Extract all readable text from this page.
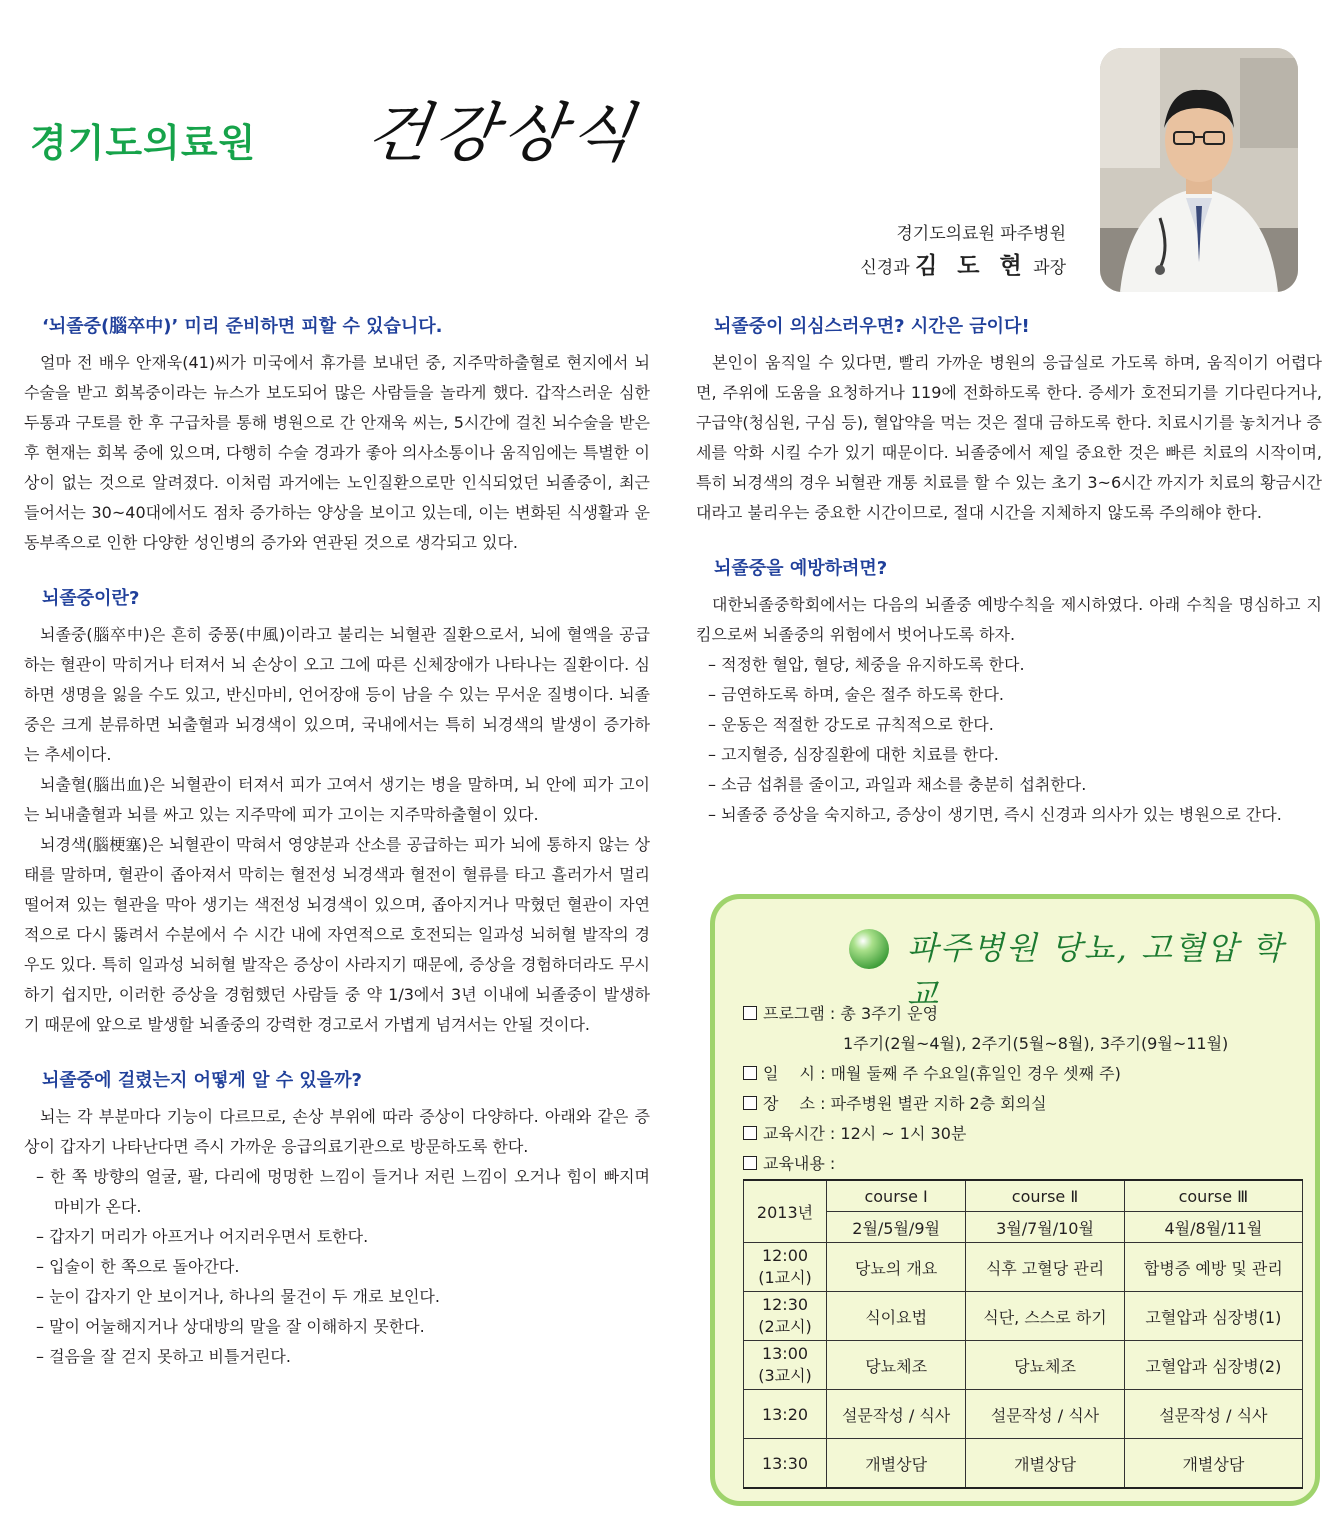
경기도의료원 건강상식
경기도의료원 파주병원
신경과 김 도 현 과장
‘뇌졸중(腦卒中)’ 미리 준비하면 피할 수 있습니다.

얼마 전 배우 안재욱(41)씨가 미국에서 휴가를 보내던 중, 지주막하출혈로 현지에서 뇌수술을 받고 회복중이라는 뉴스가 보도되어 많은 사람들을 놀라게 했다. 갑작스러운 심한 두통과 구토를 한 후 구급차를 통해 병원으로 간 안재욱 씨는, 5시간에 걸친 뇌수술을 받은 후 현재는 회복 중에 있으며, 다행히 수술 경과가 좋아 의사소통이나 움직임에는 특별한 이상이 없는 것으로 알려졌다. 이처럼 과거에는 노인질환으로만 인식되었던 뇌졸중이, 최근 들어서는 30~40대에서도 점차 증가하는 양상을 보이고 있는데, 이는 변화된 식생활과 운동부족으로 인한 다양한 성인병의 증가와 연관된 것으로 생각되고 있다.

뇌졸중이란?

뇌졸중(腦卒中)은 흔히 중풍(中風)이라고 불리는 뇌혈관 질환으로서, 뇌에 혈액을 공급하는 혈관이 막히거나 터져서 뇌 손상이 오고 그에 따른 신체장애가 나타나는 질환이다. 심하면 생명을 잃을 수도 있고, 반신마비, 언어장애 등이 남을 수 있는 무서운 질병이다. 뇌졸중은 크게 분류하면 뇌출혈과 뇌경색이 있으며, 국내에서는 특히 뇌경색의 발생이 증가하는 추세이다.

뇌출혈(腦出血)은 뇌혈관이 터져서 피가 고여서 생기는 병을 말하며, 뇌 안에 피가 고이는 뇌내출혈과 뇌를 싸고 있는 지주막에 피가 고이는 지주막하출혈이 있다.

뇌경색(腦梗塞)은 뇌혈관이 막혀서 영양분과 산소를 공급하는 피가 뇌에 통하지 않는 상태를 말하며, 혈관이 좁아져서 막히는 혈전성 뇌경색과 혈전이 혈류를 타고 흘러가서 멀리 떨어져 있는 혈관을 막아 생기는 색전성 뇌경색이 있으며, 좁아지거나 막혔던 혈관이 자연적으로 다시 뚫려서 수분에서 수 시간 내에 자연적으로 호전되는 일과성 뇌허혈 발작의 경우도 있다. 특히 일과성 뇌허혈 발작은 증상이 사라지기 때문에, 증상을 경험하더라도 무시하기 쉽지만, 이러한 증상을 경험했던 사람들 중 약 1/3에서 3년 이내에 뇌졸중이 발생하기 때문에 앞으로 발생할 뇌졸중의 강력한 경고로서 가볍게 넘겨서는 안될 것이다.

뇌졸중에 걸렸는지 어떻게 알 수 있을까?

뇌는 각 부분마다 기능이 다르므로, 손상 부위에 따라 증상이 다양하다. 아래와 같은 증상이 갑자기 나타난다면 즉시 가까운 응급의료기관으로 방문하도록 한다.

– 한 쪽 방향의 얼굴, 팔, 다리에 멍멍한 느낌이 들거나 저린 느낌이 오거나 힘이 빠지며 마비가 온다.
– 갑자기 머리가 아프거나 어지러우면서 토한다.
– 입술이 한 쪽으로 돌아간다.
– 눈이 갑자기 안 보이거나, 하나의 물건이 두 개로 보인다.
– 말이 어눌해지거나 상대방의 말을 잘 이해하지 못한다.
– 걸음을 잘 걷지 못하고 비틀거린다.
뇌졸중이 의심스러우면? 시간은 금이다!

본인이 움직일 수 있다면, 빨리 가까운 병원의 응급실로 가도록 하며, 움직이기 어렵다면, 주위에 도움을 요청하거나 119에 전화하도록 한다. 증세가 호전되기를 기다린다거나, 구급약(청심원, 구심 등), 혈압약을 먹는 것은 절대 금하도록 한다. 치료시기를 놓치거나 증세를 악화 시킬 수가 있기 때문이다. 뇌졸중에서 제일 중요한 것은 빠른 치료의 시작이며, 특히 뇌경색의 경우 뇌혈관 개통 치료를 할 수 있는 초기 3~6시간 까지가 치료의 황금시간대라고 불리우는 중요한 시간이므로, 절대 시간을 지체하지 않도록 주의해야 한다.

뇌졸중을 예방하려면?

대한뇌졸중학회에서는 다음의 뇌졸중 예방수칙을 제시하였다. 아래 수칙을 명심하고 지킴으로써 뇌졸중의 위험에서 벗어나도록 하자.

– 적정한 혈압, 혈당, 체중을 유지하도록 한다.
– 금연하도록 하며, 술은 절주 하도록 한다.
– 운동은 적절한 강도로 규칙적으로 한다.
– 고지혈증, 심장질환에 대한 치료를 한다.
– 소금 섭취를 줄이고, 과일과 채소를 충분히 섭취한다.
– 뇌졸중 증상을 숙지하고, 증상이 생기면, 즉시 신경과 의사가 있는 병원으로 간다.
파주병원 당뇨, 고혈압 학교
프로그램 : 총 3주기 운영
1주기(2월~4월), 2주기(5월~8월), 3주기(9월~11월)
일　 시 : 매월 둘째 주 수요일(휴일인 경우 셋째 주)
장　 소 : 파주병원 별관 지하 2층 회의실
교육시간 : 12시 ~ 1시 30분
교육내용 :
2013년	course Ⅰ	course Ⅱ	course Ⅲ
	2월/5월/9월	3월/7월/10월	4월/8월/11월

12:00
(1교시)	당뇨의 개요	식후 고혈당 관리	합병증 예방 및 관리

12:30
(2교시)	식이요법	식단, 스스로 하기	고혈압과 심장병(1)

13:00
(3교시)	당뇨체조	당뇨체조	고혈압과 심장병(2)
13:20	설문작성 / 식사	설문작성 / 식사	설문작성 / 식사
13:30	개별상담	개별상담	개별상담
